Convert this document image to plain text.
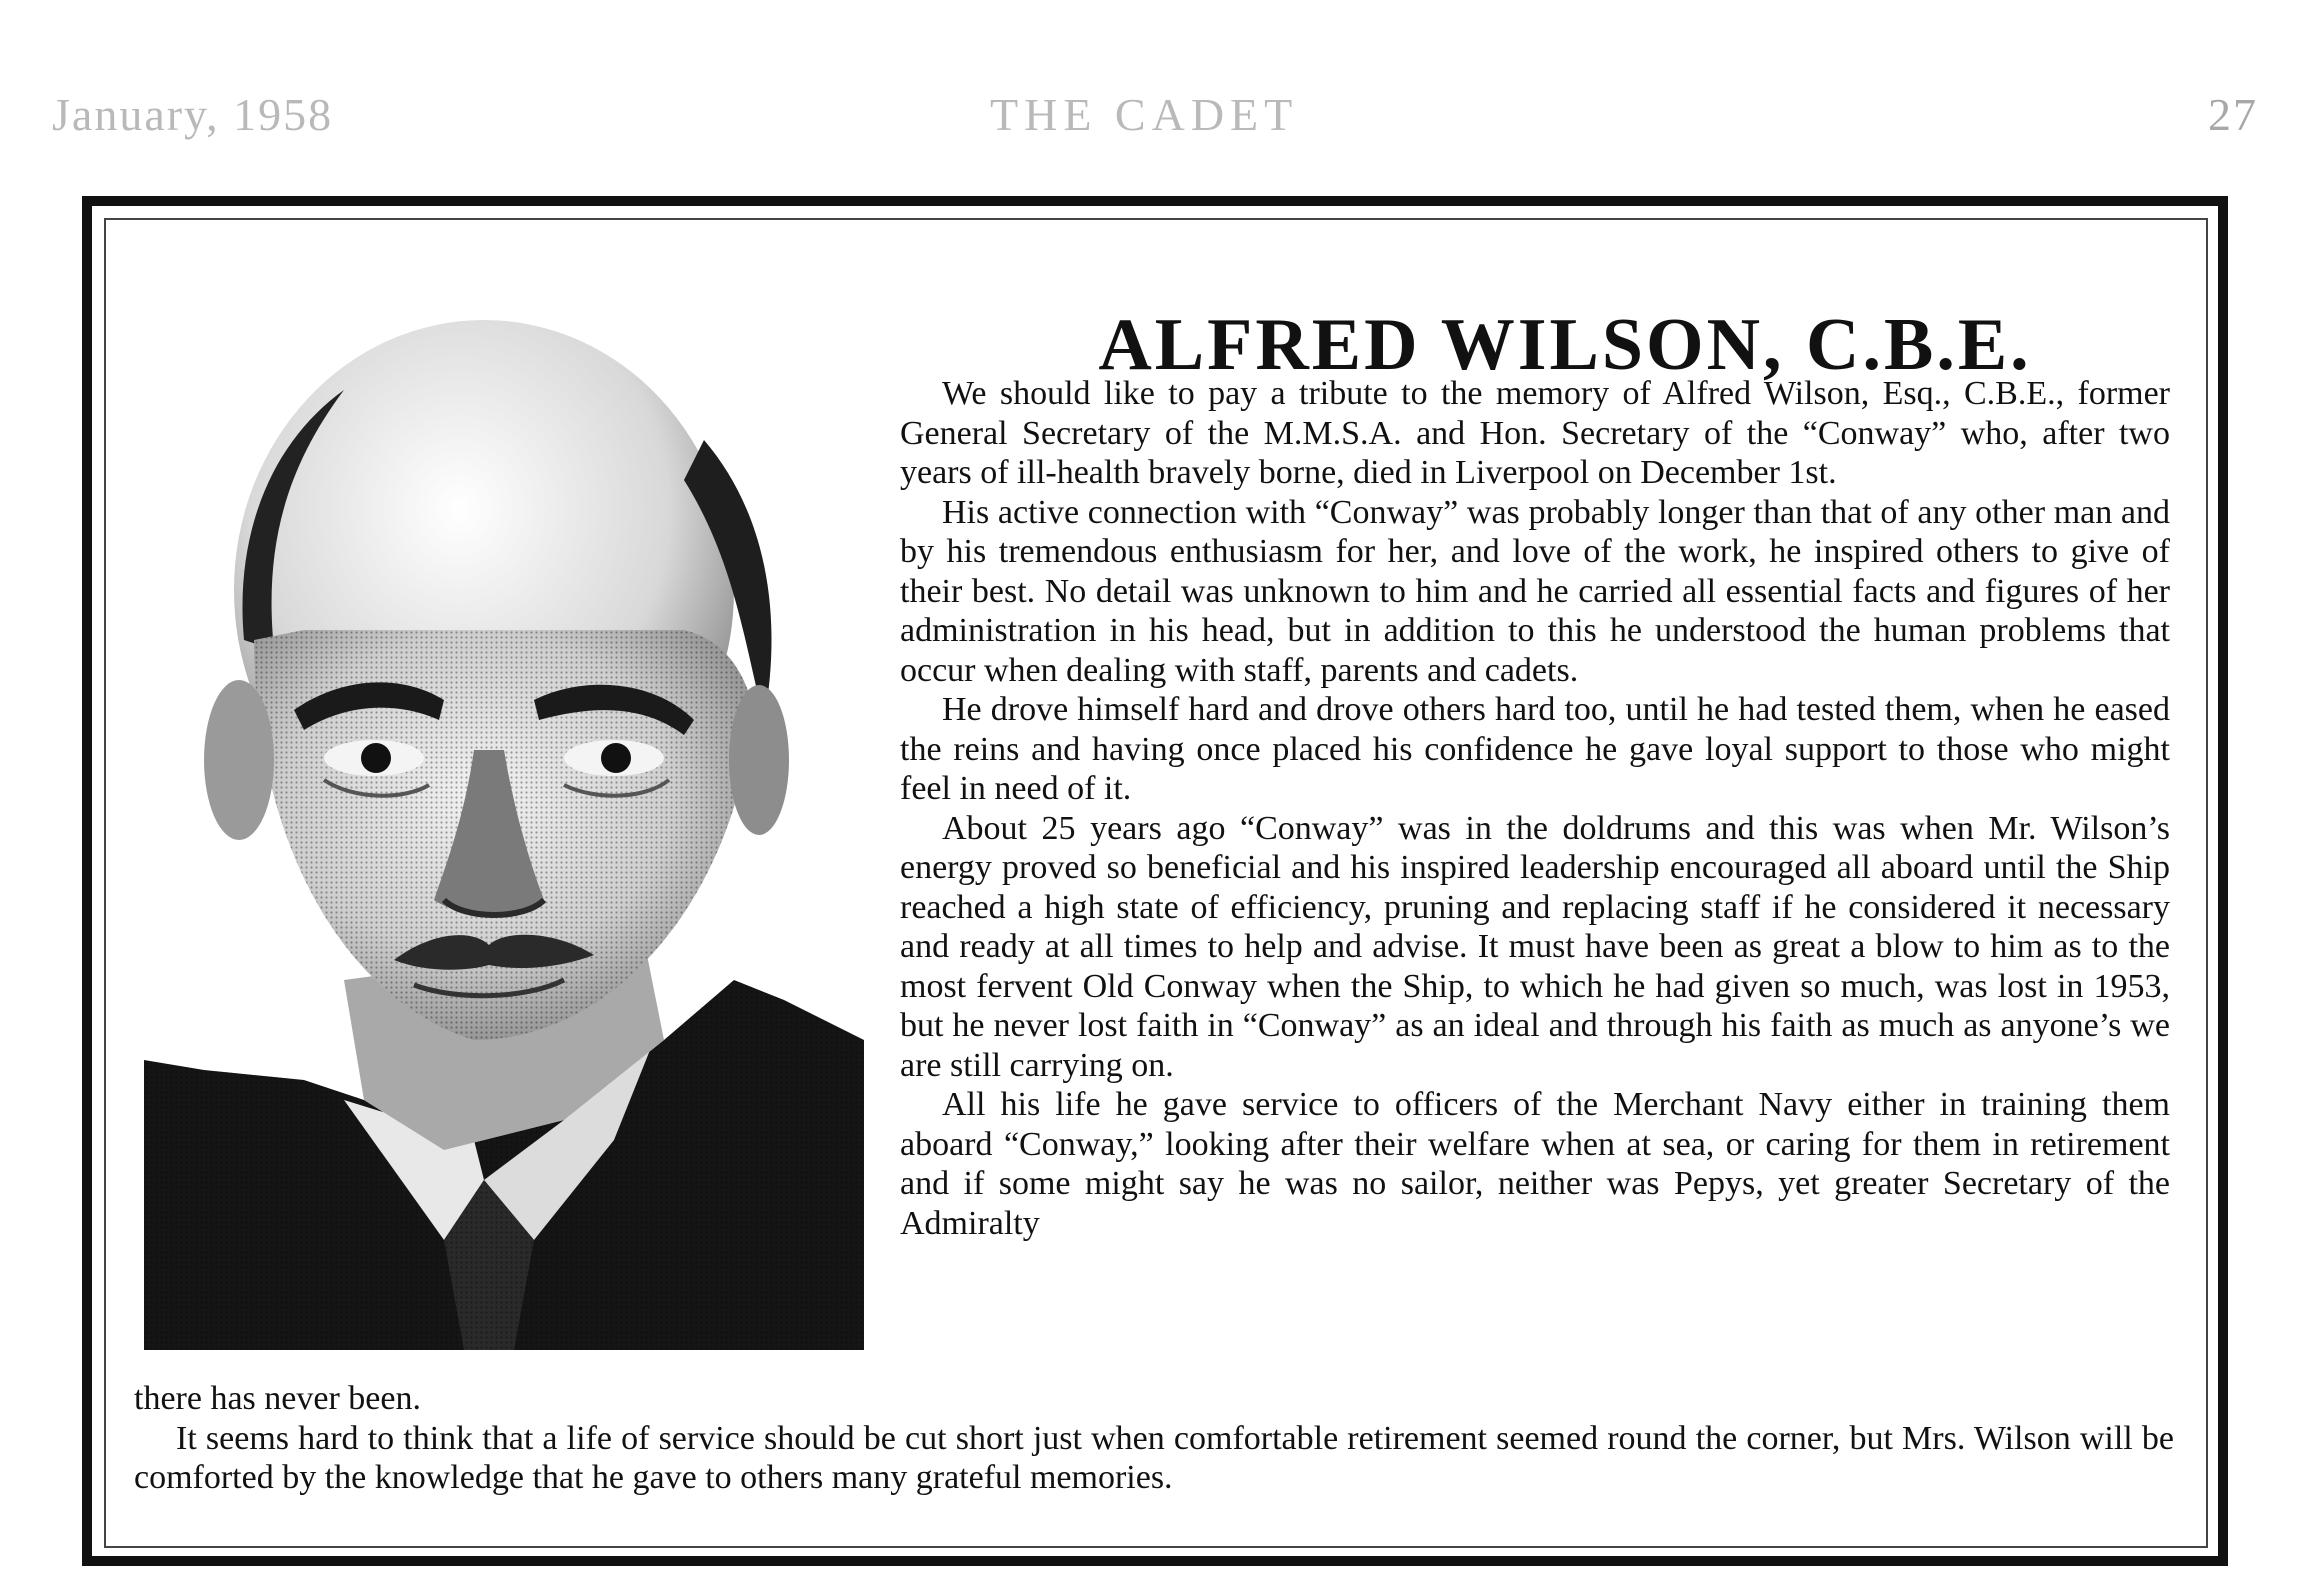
January, 1958	THE CADET	27
ALFRED WILSON, C.B.E.

We should like to pay a tribute to the memory of Alfred Wilson, Esq., C.B.E., former General Secretary of the M.M.S.A. and Hon. Secretary of the “Conway” who, after two years of ill-health bravely borne, died in Liverpool on December 1st.

His active connection with “Conway” was probably longer than that of any other man and by his tremendous enthusiasm for her, and love of the work, he inspired others to give of their best. No detail was unknown to him and he carried all essential facts and figures of her administration in his head, but in addition to this he understood the human problems that occur when dealing with staff, parents and cadets.

He drove himself hard and drove others hard too, until he had tested them, when he eased the reins and having once placed his confidence he gave loyal support to those who might feel in need of it.

About 25 years ago “Conway” was in the doldrums and this was when Mr. Wilson’s energy proved so beneficial and his inspired leadership encouraged all aboard until the Ship reached a high state of efficiency, pruning and replacing staff if he considered it necessary and ready at all times to help and advise. It must have been as great a blow to him as to the most fervent Old Conway when the Ship, to which he had given so much, was lost in 1953, but he never lost faith in “Conway” as an ideal and through his faith as much as anyone’s we are still carrying on.

All his life he gave service to officers of the Merchant Navy either in training them aboard “Conway,” looking after their welfare when at sea, or caring for them in retirement and if some might say he was no sailor, neither was Pepys, yet greater Secretary of the Admiralty

there has never been.

It seems hard to think that a life of service should be cut short just when comfortable retirement seemed round the corner, but Mrs. Wilson will be comforted by the knowledge that he gave to others many grateful memories.
